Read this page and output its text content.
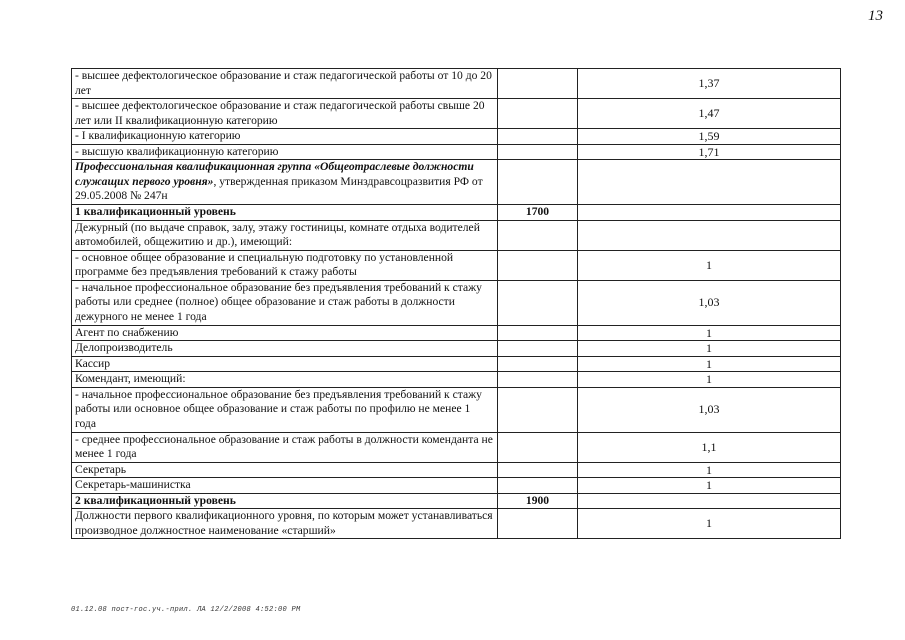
13
- высшее дефектологическое образование и стаж педагогической работы от 10 до 20 лет		1,37
- высшее дефектологическое образование и стаж педагогической работы свыше 20 лет или II квалификационную категорию		1,47
- I квалификационную категорию		1,59
- высшую квалификационную категорию		1,71
Профессиональная квалификационная группа «Общеотраслевые должности служащих первого уровня», утвержденная приказом Минздравсоцразвития РФ от 29.05.2008 № 247н		
1 квалификационный уровень	1700	
Дежурный (по выдаче справок, залу, этажу гостиницы, комнате отдыха водителей автомобилей, общежитию и др.), имеющий:		
- основное общее образование и специальную подготовку по установленной программе без предъявления требований к стажу работы		1
- начальное профессиональное образование без предъявления требований к стажу работы или среднее (полное) общее образование и стаж работы в должности дежурного не менее 1 года		1,03
Агент по снабжению		1
Делопроизводитель		1
Кассир		1
Комендант, имеющий:		1
- начальное профессиональное образование без предъявления требований к стажу работы или основное общее образование и стаж работы по профилю не менее 1 года		1,03
- среднее профессиональное образование и стаж работы в должности коменданта не менее 1 года		1,1
Секретарь		1
Секретарь-машинистка		1
2 квалификационный уровень	1900	
Должности первого квалификационного уровня, по которым может устанавливаться производное должностное наименование «старший»		1
01.12.08 пост-гос.уч.-прил. ЛА 12/2/2008 4:52:00 PM
